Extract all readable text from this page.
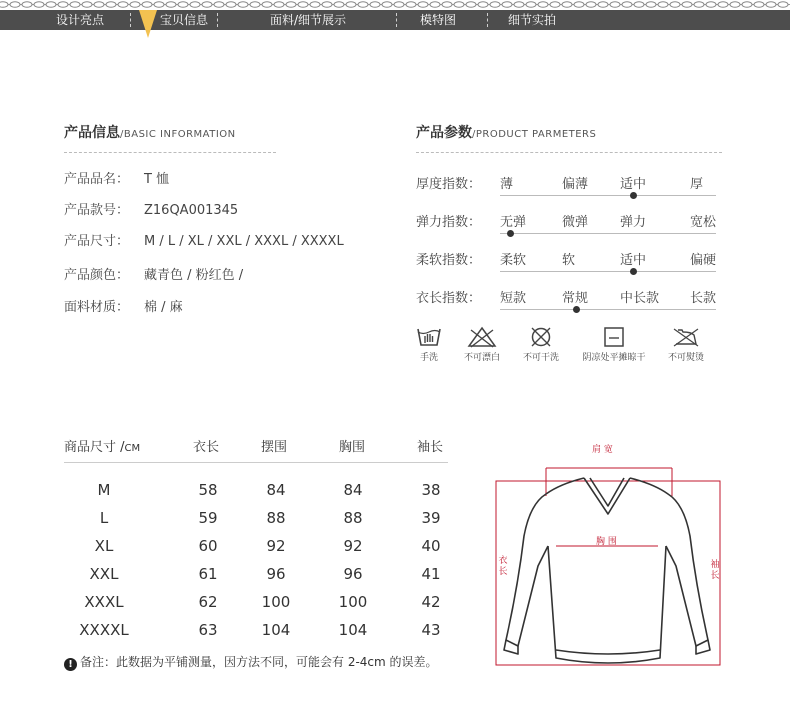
设计亮点	宝贝信息	面料/细节展示	模特图	细节实拍
产品信息/BASIC INFORMATION
产品品名： T 恤
产品款号： Z16QA001345
产品尺寸： M / L / XL / XXL / XXXL / XXXXL
产品颜色： 藏青色 / 粉红色 /
面料材质： 棉 / 麻
产品参数/PRODUCT PARMETERS
厚度指数： 薄	偏薄 适中	厚
弹力指数： 无弹	微弹 弹力	宽松
柔软指数： 柔软	软	适中	偏硬
衣长指数： 短款	常规 中长款 长款
手洗	不可漂白	不可干洗	阴凉处平摊晾干	不可熨烫
商品尺寸 /CM	衣长	摆围	胸围	袖长
M	58	84	84	38
L	59	88	88	39
XL	60	92	92	40
XXL	61	96	96	41
XXXL	62	100	100	42
XXXXL	63	104	104	43
! 备注：此数据为平铺测量，因方法不同，可能会有 2-4cm 的误差。
肩 宽
胸 围
衣长
袖长
